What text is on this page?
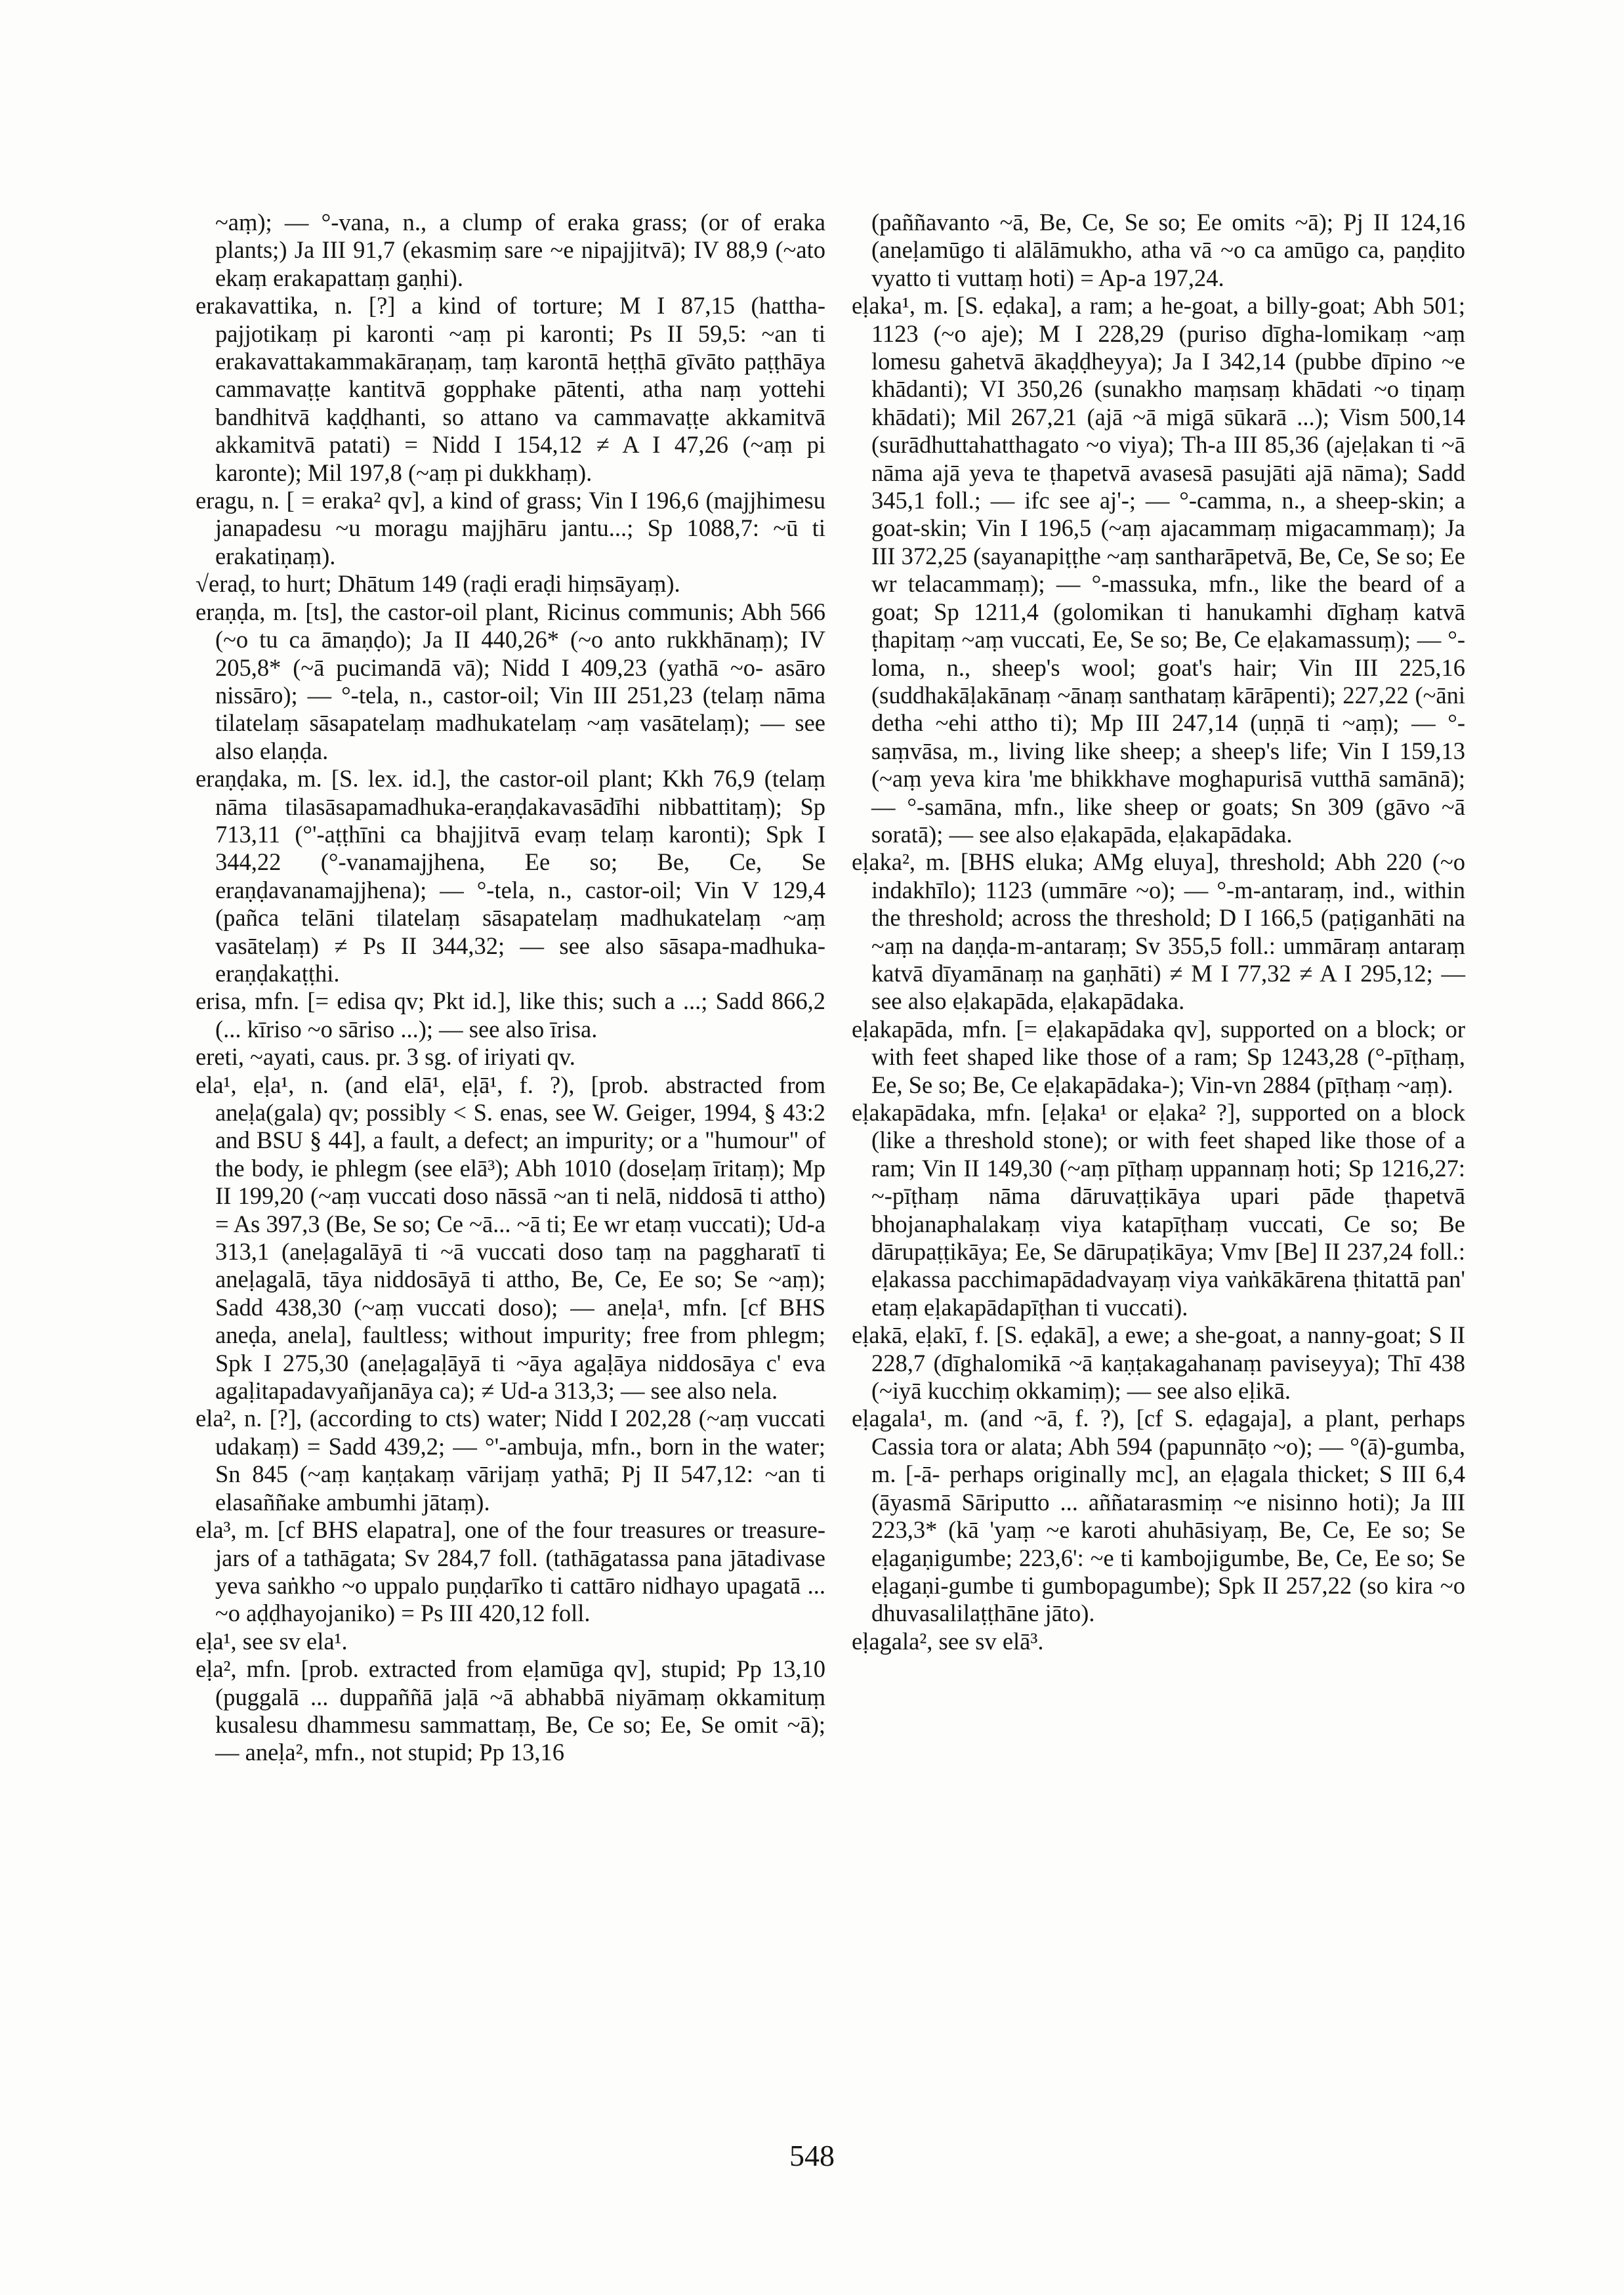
~aṃ); — °-vana, n., a clump of eraka grass; (or of eraka plants;) Ja III 91,7 (ekasmiṃ sare ~e nipajjitvā); IV 88,9 (~ato ekaṃ erakapattaṃ gaṇhi).

erakavattika, n. [?] a kind of torture; M I 87,15 (hattha-pajjotikaṃ pi karonti ~aṃ pi karonti; Ps II 59,5: ~an ti erakavattakammakāraṇaṃ, taṃ karontā heṭṭhā gīvāto paṭṭhāya cammavaṭṭe kantitvā gopphake pātenti, atha naṃ yottehi bandhitvā kaḍḍhanti, so attano va cammavaṭṭe akkamitvā akkamitvā patati) = Nidd I 154,12 ≠ A I 47,26 (~aṃ pi karonte); Mil 197,8 (~aṃ pi dukkhaṃ).

eragu, n. [ = eraka² qv], a kind of grass; Vin I 196,6 (majjhimesu janapadesu ~u moragu majjhāru jantu...; Sp 1088,7: ~ū ti erakatiṇaṃ).

√eraḍ, to hurt; Dhātum 149 (raḍi eraḍi hiṃsāyaṃ).

eraṇḍa, m. [ts], the castor-oil plant, Ricinus communis; Abh 566 (~o tu ca āmaṇḍo); Ja II 440,26* (~o anto rukkhānaṃ); IV 205,8* (~ā pucimandā vā); Nidd I 409,23 (yathā ~o- asāro nissāro); — °-tela, n., castor-oil; Vin III 251,23 (telaṃ nāma tilatelaṃ sāsapatelaṃ madhukatelaṃ ~aṃ vasātelaṃ); — see also elaṇḍa.

eraṇḍaka, m. [S. lex. id.], the castor-oil plant; Kkh 76,9 (telaṃ nāma tilasāsapamadhuka-eraṇḍakavasādīhi nibbattitaṃ); Sp 713,11 (°'-aṭṭhīni ca bhajjitvā evaṃ telaṃ karonti); Spk I 344,22 (°-vanamajjhena, Ee so; Be, Ce, Se eraṇḍavanamajjhena); — °-tela, n., castor-oil; Vin V 129,4 (pañca telāni tilatelaṃ sāsapatelaṃ madhukatelaṃ ~aṃ vasātelaṃ) ≠ Ps II 344,32; — see also sāsapa-madhuka-eraṇḍakaṭṭhi.

erisa, mfn. [= edisa qv; Pkt id.], like this; such a ...; Sadd 866,2 (... kīriso ~o sāriso ...); — see also īrisa.

ereti, ~ayati, caus. pr. 3 sg. of iriyati qv.

ela¹, eḷa¹, n. (and elā¹, eḷā¹, f. ?), [prob. abstracted from aneḷa(gala) qv; possibly < S. enas, see W. Geiger, 1994, § 43:2 and BSU § 44], a fault, a defect; an impurity; or a "humour" of the body, ie phlegm (see elā³); Abh 1010 (doseḷaṃ īritaṃ); Mp II 199,20 (~aṃ vuccati doso nāssā ~an ti nelā, niddosā ti attho) = As 397,3 (Be, Se so; Ce ~ā... ~ā ti; Ee wr etaṃ vuccati); Ud-a 313,1 (aneḷagalāyā ti ~ā vuccati doso taṃ na paggharatī ti aneḷagalā, tāya niddosāyā ti attho, Be, Ce, Ee so; Se ~aṃ); Sadd 438,30 (~aṃ vuccati doso); — aneḷa¹, mfn. [cf BHS aneḍa, anela], faultless; without impurity; free from phlegm; Spk I 275,30 (aneḷagaḷāyā ti ~āya agaḷāya niddosāya c' eva agaḷitapadavyañjanāya ca); ≠ Ud-a 313,3; — see also nela.

ela², n. [?], (according to cts) water; Nidd I 202,28 (~aṃ vuccati udakaṃ) = Sadd 439,2; — °'-ambuja, mfn., born in the water; Sn 845 (~aṃ kaṇṭakaṃ vārijaṃ yathā; Pj II 547,12: ~an ti elasaññake ambumhi jātaṃ).

ela³, m. [cf BHS elapatra], one of the four treasures or treasure-jars of a tathāgata; Sv 284,7 foll. (tathāgatassa pana jātadivase yeva saṅkho ~o uppalo puṇḍarīko ti cattāro nidhayo upagatā ... ~o aḍḍhayojaniko) = Ps III 420,12 foll.

eḷa¹, see sv ela¹.

eḷa², mfn. [prob. extracted from eḷamūga qv], stupid; Pp 13,10 (puggalā ... duppaññā jaḷā ~ā abhabbā niyāmaṃ okkamituṃ kusalesu dhammesu sammattaṃ, Be, Ce so; Ee, Se omit ~ā); — aneḷa², mfn., not stupid; Pp 13,16

(paññavanto ~ā, Be, Ce, Se so; Ee omits ~ā); Pj II 124,16 (aneḷamūgo ti alālāmukho, atha vā ~o ca amūgo ca, paṇḍito vyatto ti vuttaṃ hoti) = Ap-a 197,24.

eḷaka¹, m. [S. eḍaka], a ram; a he-goat, a billy-goat; Abh 501; 1123 (~o aje); M I 228,29 (puriso dīgha-lomikaṃ ~aṃ lomesu gahetvā ākaḍḍheyya); Ja I 342,14 (pubbe dīpino ~e khādanti); VI 350,26 (sunakho maṃsaṃ khādati ~o tiṇaṃ khādati); Mil 267,21 (ajā ~ā migā sūkarā ...); Vism 500,14 (surādhuttahatthagato ~o viya); Th-a III 85,36 (ajeḷakan ti ~ā nāma ajā yeva te ṭhapetvā avasesā pasujāti ajā nāma); Sadd 345,1 foll.; — ifc see aj'-; — °-camma, n., a sheep-skin; a goat-skin; Vin I 196,5 (~aṃ ajacammaṃ migacammaṃ); Ja III 372,25 (sayanapiṭṭhe ~aṃ santharāpetvā, Be, Ce, Se so; Ee wr telacammaṃ); — °-massuka, mfn., like the beard of a goat; Sp 1211,4 (golomikan ti hanukamhi dīghaṃ katvā ṭhapitaṃ ~aṃ vuccati, Ee, Se so; Be, Ce eḷakamassuṃ); — °-loma, n., sheep's wool; goat's hair; Vin III 225,16 (suddhakāḷakānaṃ ~ānaṃ santhataṃ kārāpenti); 227,22 (~āni detha ~ehi attho ti); Mp III 247,14 (uṇṇā ti ~aṃ); — °-saṃvāsa, m., living like sheep; a sheep's life; Vin I 159,13 (~aṃ yeva kira 'me bhikkhave moghapurisā vutthā samānā); — °-samāna, mfn., like sheep or goats; Sn 309 (gāvo ~ā soratā); — see also eḷakapāda, eḷakapādaka.

eḷaka², m. [BHS eluka; AMg eluya], threshold; Abh 220 (~o indakhīlo); 1123 (ummāre ~o); — °-m-antaraṃ, ind., within the threshold; across the threshold; D I 166,5 (paṭiganhāti na ~aṃ na daṇḍa-m-antaraṃ; Sv 355,5 foll.: ummāraṃ antaraṃ katvā dīyamānaṃ na gaṇhāti) ≠ M I 77,32 ≠ A I 295,12; — see also eḷakapāda, eḷakapādaka.

eḷakapāda, mfn. [= eḷakapādaka qv], supported on a block; or with feet shaped like those of a ram; Sp 1243,28 (°-pīṭhaṃ, Ee, Se so; Be, Ce eḷakapādaka-); Vin-vn 2884 (pīṭhaṃ ~aṃ).

eḷakapādaka, mfn. [eḷaka¹ or eḷaka² ?], supported on a block (like a threshold stone); or with feet shaped like those of a ram; Vin II 149,30 (~aṃ pīṭhaṃ uppannaṃ hoti; Sp 1216,27: ~-pīṭhaṃ nāma dāruvaṭṭikāya upari pāde ṭhapetvā bhojanaphalakaṃ viya katapīṭhaṃ vuccati, Ce so; Be dārupaṭṭikāya; Ee, Se dārupaṭikāya; Vmv [Be] II 237,24 foll.: eḷakassa pacchimapādadvayaṃ viya vaṅkākārena ṭhitattā pan' etaṃ eḷakapādapīṭhan ti vuccati).

eḷakā, eḷakī, f. [S. eḍakā], a ewe; a she-goat, a nanny-goat; S II 228,7 (dīghalomikā ~ā kaṇṭakagahanaṃ paviseyya); Thī 438 (~iyā kucchiṃ okkamiṃ); — see also eḷikā.

eḷagala¹, m. (and ~ā, f. ?), [cf S. eḍagaja], a plant, perhaps Cassia tora or alata; Abh 594 (papunnāṭo ~o); — °(ā)-gumba, m. [-ā- perhaps originally mc], an eḷagala thicket; S III 6,4 (āyasmā Sāriputto ... aññatarasmiṃ ~e nisinno hoti); Ja III 223,3* (kā 'yaṃ ~e karoti ahuhāsiyaṃ, Be, Ce, Ee so; Se eḷagaṇigumbe; 223,6': ~e ti kambojigumbe, Be, Ce, Ee so; Se eḷagaṇi-gumbe ti gumbopagumbe); Spk II 257,22 (so kira ~o dhuvasalilaṭṭhāne jāto).

eḷagala², see sv elā³.

548
